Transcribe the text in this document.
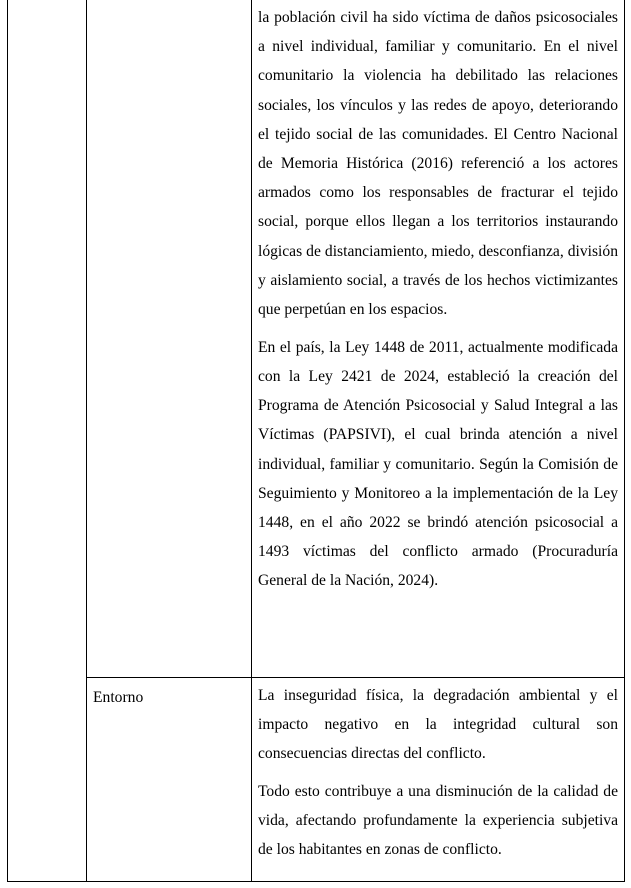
		la población civil ha sido víctima de daños psicosociales a nivel individual, familiar y comunitario. En el nivel comunitario la violencia ha debilitado las relaciones sociales, los vínculos y las redes de apoyo, deteriorando el tejido social de las comunidades. El Centro Nacional de Memoria Histórica (2016) referenció a los actores armados como los responsables de fracturar el tejido social, porque ellos llegan a los territorios instaurando lógicas de distanciamiento, miedo, desconfianza, división y aislamiento social, a través de los hechos victimizantes que perpetúan en los espacios.

En el país, la Ley 1448 de 2011, actualmente modificada con la Ley 2421 de 2024, estableció la creación del Programa de Atención Psicosocial y Salud Integral a las Víctimas (PAPSIVI), el cual brinda atención a nivel individual, familiar y comunitario. Según la Comisión de Seguimiento y Monitoreo a la implementación de la Ley 1448, en el año 2022 se brindó atención psicosocial a 1493 víctimas del conflicto armado (Procuraduría General de la Nación, 2024).

	Entorno	La inseguridad física, la degradación ambiental y el impacto negativo en la integridad cultural son consecuencias directas del conflicto.

Todo esto contribuye a una disminución de la calidad de vida, afectando profundamente la experiencia subjetiva de los habitantes en zonas de conflicto.
